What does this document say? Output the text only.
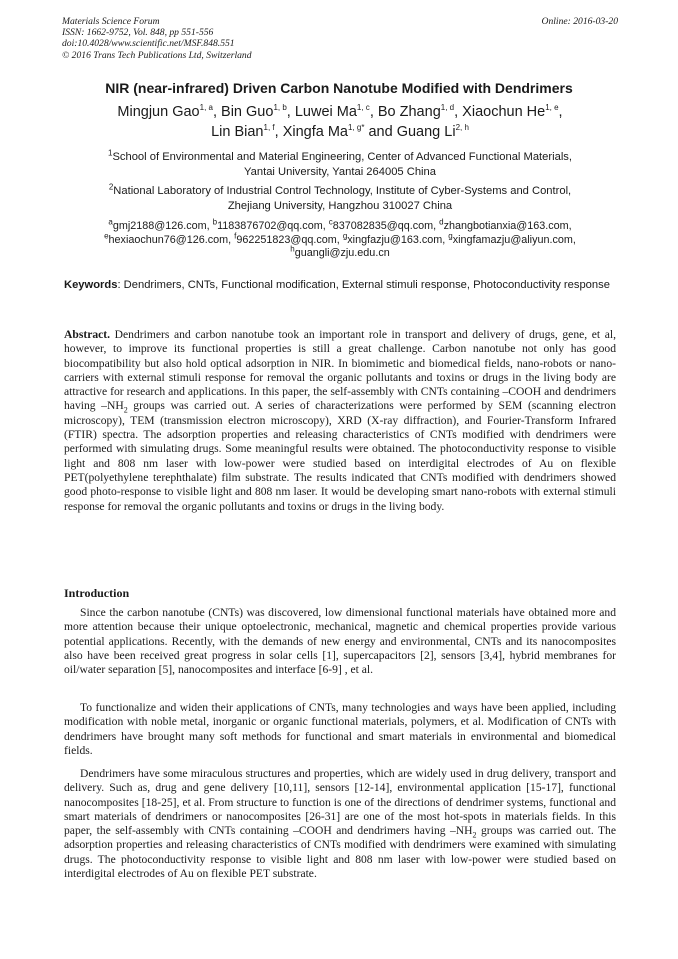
Materials Science Forum
ISSN: 1662-9752, Vol. 848, pp 551-556
doi:10.4028/www.scientific.net/MSF.848.551
© 2016 Trans Tech Publications Ltd, Switzerland
Online: 2016-03-20
NIR (near-infrared) Driven Carbon Nanotube Modified with Dendrimers
Mingjun Gao$^{1, a}$, Bin Guo$^{1, b}$, Luwei Ma$^{1, c}$, Bo Zhang$^{1, d}$, Xiaochun He$^{1, e}$,
Lin Bian$^{1, f}$, Xingfa $Ma^{1, g*}$ and Guang Li$^{2, h}$
$^1$School of Environmental and Material Engineering, Center of Advanced Functional Materials,
Yantai University, Yantai 264005 China
$^2$National Laboratory of Industrial Control Technology, Institute of Cyber-Systems and Control,
Zhejiang University, Hangzhou 310027 China
$^a$gmj2188@126.com, $^b$1183876702@qq.com, $^c$837082835@qq.com, $^d$zhangbotianxia@163.com,
$^e$hexiaochun76@126.com, $^f$962251823@qq.com, $^g$xingfazju@163.com, $^g$xingfamazju@aliyun.com,
$^h$guangli@zju.edu.cn
Keywords: Dendrimers, CNTs, Functional modification, External stimuli response, Photoconductivity response
Abstract. Dendrimers and carbon nanotube took an important role in transport and delivery of drugs, gene, et al, however, to improve its functional properties is still a great challenge. Carbon nanotube not only has good biocompatibility but also hold optical adsorption in NIR. In biomimetic and biomedical fields, nano-robots or nano-carriers with external stimuli response for removal the organic pollutants and toxins or drugs in the living body are attractive for research and applications. In this paper, the self-assembly with CNTs containing –COOH and dendrimers having $-NH_2$ groups was carried out. A series of characterizations were performed by SEM (scanning electron microscopy), TEM (transmission electron microscopy), XRD (X-ray diffraction), and Fourier-Transform Infrared (FTIR) spectra. The adsorption properties and releasing characteristics of CNTs modified with dendrimers were performed with simulating drugs. Some meaningful results were obtained. The photoconductivity response to visible light and 808 nm laser with low-power were studied based on interdigital electrodes of Au on flexible PET(polyethylene terephthalate) film substrate. The results indicated that CNTs modified with dendrimers showed good photo-response to visible light and 808 nm laser. It would be developing smart nano-robots with external stimuli response for removal the organic pollutants and toxins or drugs in the living body.
Introduction
Since the carbon nanotube (CNTs) was discovered, low dimensional functional materials have obtained more and more attention because their unique optoelectronic, mechanical, magnetic and chemical properties provide various potential applications. Recently, with the demands of new energy and environmental, CNTs and its nanocomposites also have been received great progress in solar cells [1], supercapacitors [2], sensors [3,4], hybrid membranes for oil/water separation [5], nanocomposites and interface [6-9] , et al.
To functionalize and widen their applications of CNTs, many technologies and ways have been applied, including modification with noble metal, inorganic or organic functional materials, polymers, et al. Modification of CNTs with dendrimers have brought many soft methods for functional and smart materials in environmental and biomedical fields.
Dendrimers have some miraculous structures and properties, which are widely used in drug delivery, transport and delivery. Such as, drug and gene delivery [10,11], sensors [12-14], environmental application [15-17], functional nanocomposites [18-25], et al. From structure to function is one of the directions of dendrimer systems, functional and smart materials of dendrimers or nanocomposites [26-31] are one of the most hot-spots in materials fields. In this paper, the self-assembly with CNTs containing –COOH and dendrimers having $-NH_2$ groups was carried out. The adsorption properties and releasing characteristics of CNTs modified with dendrimers were examined with simulating drugs. The photoconductivity response to visible light and 808 nm laser with low-power were studied based on interdigital electrodes of Au on flexible PET substrate.
